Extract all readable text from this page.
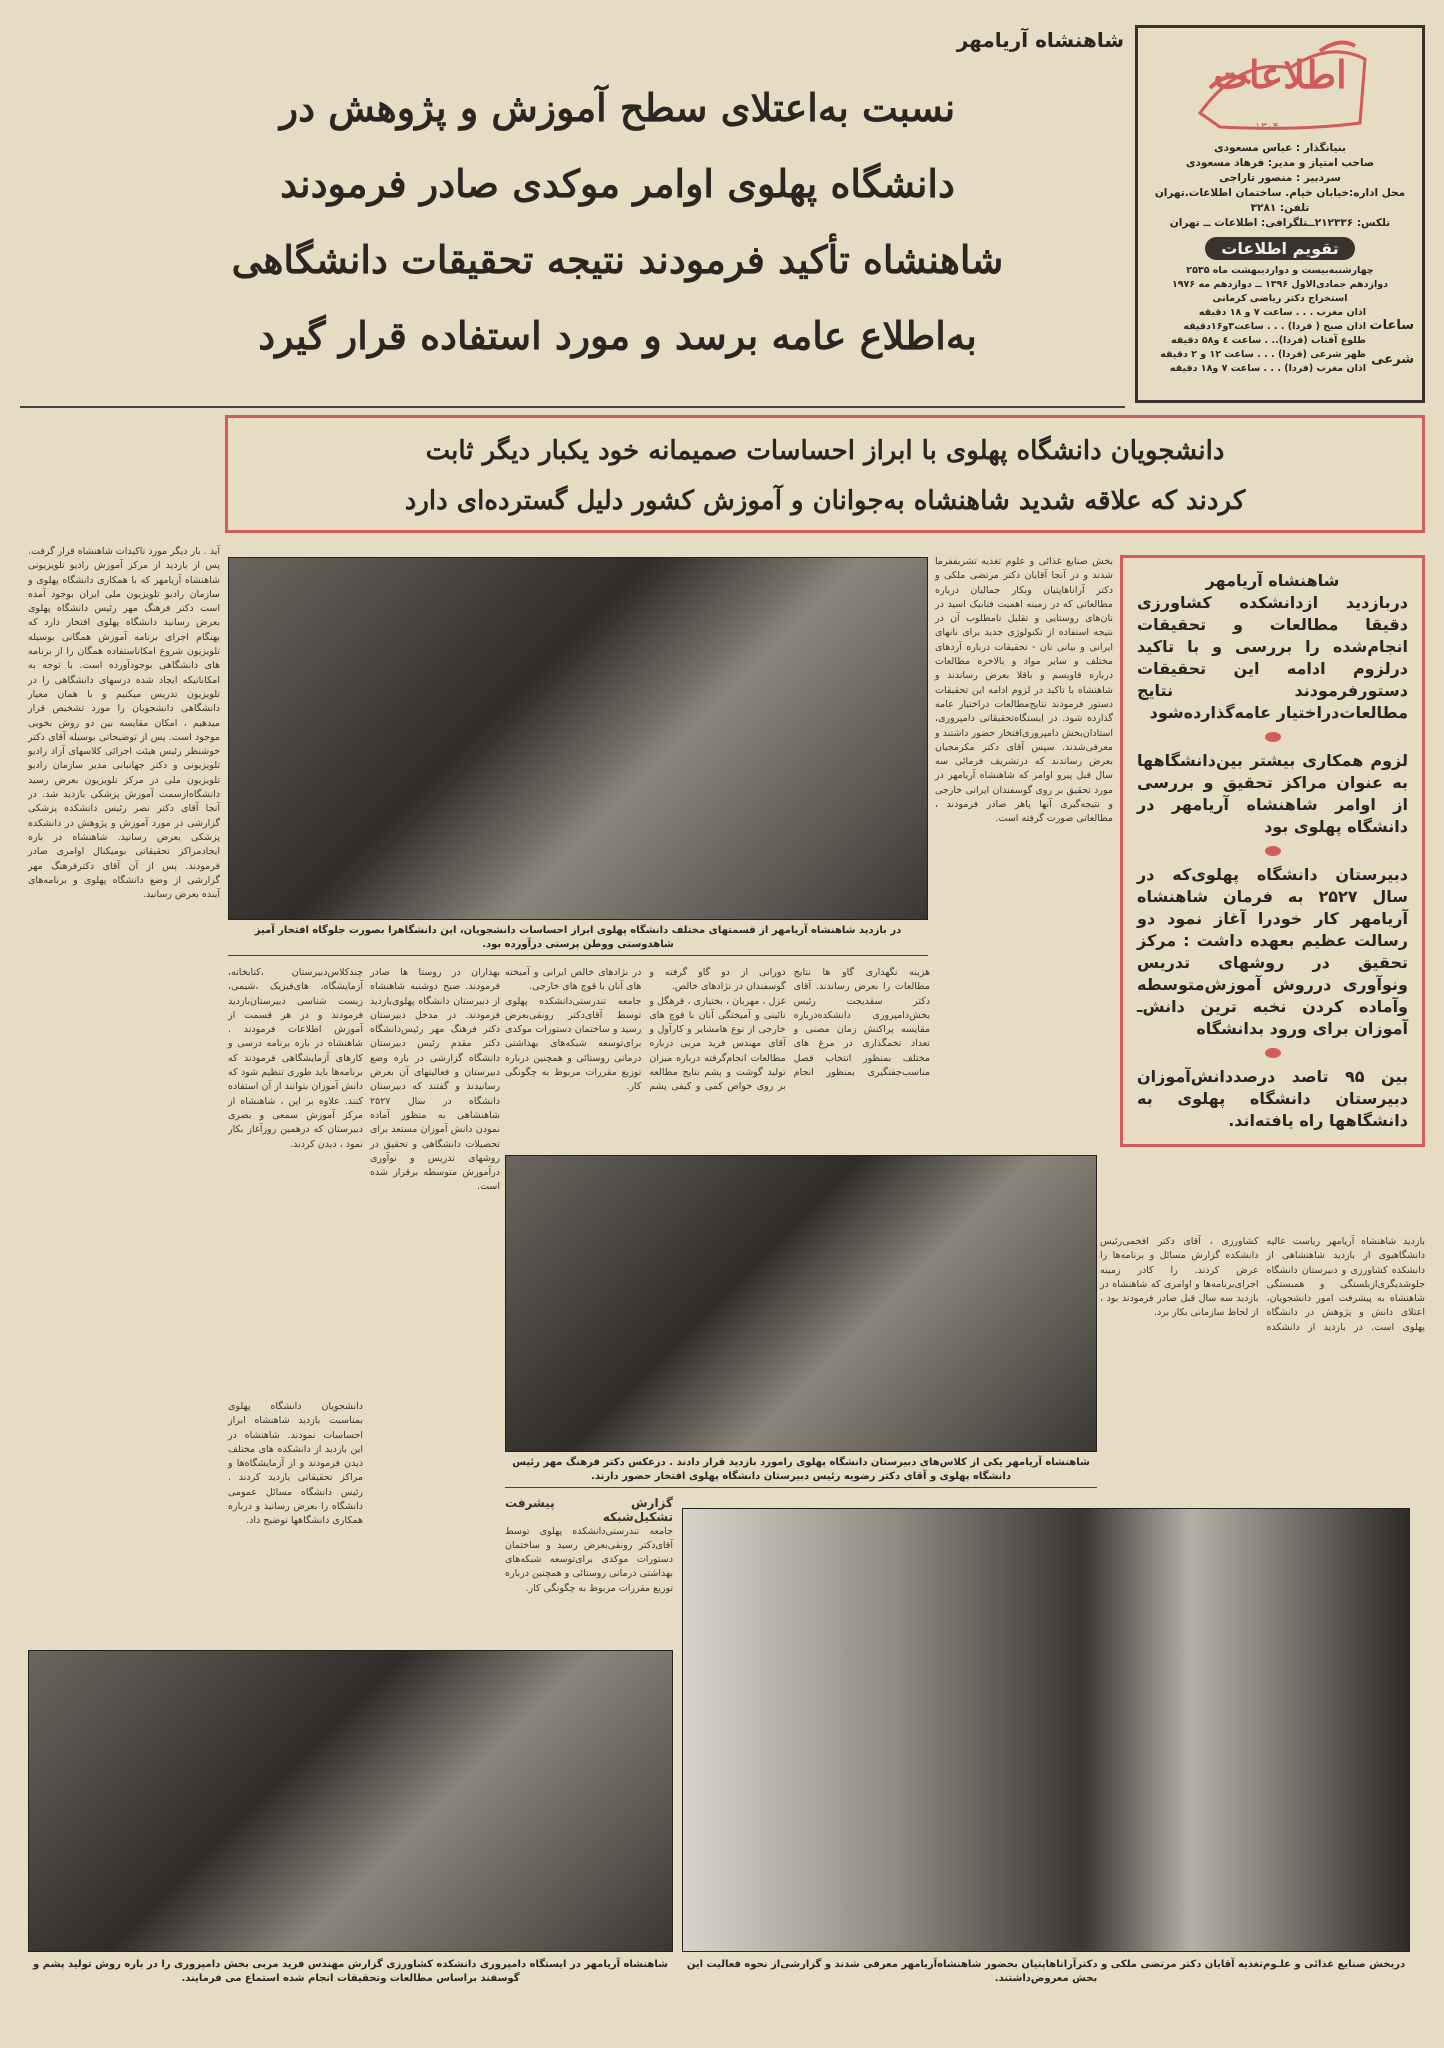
اطلاعات
۱۳۰۴
بنیانگذار : عباس مسعودی
صاحب امتیاز و مدیر: فرهاد مسعودی
سردبیر : منصور تاراجی
محل اداره:خیابان خیام. ساختمان اطلاعات.تهران
تلفن: ۳۲۸۱
تلکس: ۲۱۲۳۳۶ــتلگرافی: اطلاعات ــ تهران
تقویم اطلاعات
چهارشنبه‌بیست و دواردیبهشت ماه ۲۵۳۵
دوازدهم جمادی‌الاول ۱۳۹۶ ــ دوازدهم مه ۱۹۷۶
استخراج دکتر ریاضی کرمانی
ساعات
شرعی
اذان مغرب . . . ساعت ۷ و ۱۸ دقیقه
اذان صبح ( فردا) . . . ساعت۳و۱۶دقیقه
طلوع آفتاب (فردا).. . ساعت ٤ و۵۸ دقیقه
ظهر شرعی (فردا) . . . ساعت ۱۲ و ۲ دقیقه
اذان مغرب (فردا) . . . ساعت ۷ و۱۸ دقیقه
شاهنشاه آریامهر
نسبت به‌اعتلای سطح آموزش و پژوهش در
دانشگاه پهلوی اوامر موکدی صادر فرمودند
شاهنشاه تأکید فرمودند نتیجه تحقیقات دانشگاهی
به‌اطلاع عامه برسد و مورد استفاده قرار گیرد
دانشجویان دانشگاه پهلوی با ابراز احساسات صمیمانه خود یکبار دیگر ثابت
کردند که علاقه شدید شاهنشاه به‌جوانان و آموزش کشور دلیل گسترده‌ای دارد
آید . بار دیگر مورد تاکیدات شاهنشاه قرار گرفت. پس از بازدید از مرکز آموزش رادیو تلویزیونی شاهنشاه آریامهر که با همکاری دانشگاه پهلوی و سازمان رادیو تلویزیون ملی ایران بوجود آمده است دکتر فرهنگ مهر رئیس دانشگاه پهلوی بعرض رسانید دانشگاه پهلوی افتخار دارد که بهنگام اجرای برنامه آموزش همگانی بوسیله تلویزیون شروع امکاناستفاده همگان را از برنامه های دانشگاهی بوجودآورده است. با توجه به امکاناتیکه ایجاد شده درسهای دانشگاهی را در تلویزیون تدریس میکنیم و با همان معیار دانشگاهی دانشجویان را مورد تشخیص قرار میدهیم ، امکان مقایسه بین دو روش بخوبی موجود است. پس از توضیحاتی بوسیله آقای دکتر خوشنظر رئیس هیئت اجرائی کلاسهای آزاد رادیو تلویزیونی و دکتر جهانبانی مدیر سازمان رادیو تلویزیون ملی در مرکز تلویزیون بعرض رسید دانشگاه‌ازسمت آموزش پزشکی بازدید شد. در آنجا آقای دکتر نصر رئیس دانشکده پزشکی گزارشی در مورد آموزش و پژوهش در دانشکده پزشکی بعرض رسانید. شاهنشاه در باره ایجادمراکز تحقیقاتی بومیکنال اوامری صادر فرمودند. پس از آن آقای دکترفرهنگ مهر گزارشی از وضع دانشگاه پهلوی و برنامه‌های آینده بعرض رسانید.
در بازدید شاهنشاه آریامهر از قسمتهای مختلف دانشگاه پهلوی ابراز احساسات دانشجویان، این دانشگاهرا بصورت جلوگاه افتخار آمیز شاهدوستی ووطن پرستی درآورده بود.
بخش صنایع غذائی و علوم تغذیه تشریففرما شدند و در آنجا آقایان دکتر مرتضی ملکی و دکتر آراناهاپتیان وبکار جمالیان درباره مطالعاتی که در زمینه اهمیت فتابیک اسید در نان‌های روستایی و تقلیل نامطلوب آن در نتیجه استفاده از تکنولوژی جدید برای نانهای ایرانی و بیانی نان - تحقیقات درباره آردهای مختلف و سایر مواد و بالاخره مطالعات درباره قاویسم و باقلا بعرض رساندند و شاهنشاه با تاکید در لزوم ادامه این تحقیقات دستور فرمودند نتایج‌مطالعات دراختیار عامه گذارده شود. در ایستگاه‌تحقیقاتی دامپروری، استادان‌بخش دامپروری‌افتخار حضور داشتند و معرفی‌شدند. سپس آقای دکتر مکرمجیان بعرض رساندند که در‌تشریف فرمائی سه سال قبل پیرو اوامر که شاهنشاه آریامهر در مورد تحقیق بر روی گوسفندان ایرانی خارجی و نتیجه‌گیری آنها پاهر صادر فرمودند ، مطالعاتی صورت گرفته است.
شاهنشاه آریامهر
دربازدید ازدانشکده کشاورزی دقیقا مطالعات و تحقیقات انجام‌شده را بررسی و با تاکید درلزوم ادامه این تحقیقات دستورفرمودند نتایج مطالعات‌دراختیار عامه‌گذارده‌شود
لزوم همکاری بیشتر بین‌دانشگاهها به عنوان مراکز تحقیق و بررسی از اوامر شاهنشاه آریامهر در دانشگاه پهلوی بود
دبیرستان دانشگاه پهلوی‌که در سال ۲۵۲۷ به فرمان شاهنشاه آریامهر کار خودرا آغاز نمود دو رسالت عظیم بعهده داشت : مرکز تحقیق در روشهای تدریس ونوآوری درروش آموزش‌متوسطه وآماده کردن نخبه ترین دانش‌ـ آموزان برای ورود بدانشگاه
بین ۹۵ تاصد درصددانش‌آموزان دبیرستان دانشگاه پهلوی به دانشگاهها راه یافته‌اند.
هزینه نگهداری گاو ها نتایج مطالعات را بعرض رساندند. آقای دکتر سقدیجت رئیس بخش‌دامپروری دانشکده‌درباره مقایسه پراکنش زمان مصنی و تعداد تخمگذاری در مرغ های مختلف بمنظور انتخاب فصل مناسب‌جفتگیری بمنظور انجام دورانی از دو گاو گرفته و گوسفندان در نژادهای خالص.
غزل ، مهربان ، بختیاری ، قرهگل و نائینی و آمیختگی آنان با قوچ های خارجی از نوع هامشایر و کارآول و آقای مهندس فرید مربی درباره مطالعات انجام‌گرفته درباره میزان تولید گوشت و پشم نتایج مطالعه بر روی خواص کمی و کیفی پشم در نژادهای خالص ایرانی و آمیخته های آنان با قوچ های خارجی.
جامعه تندرستی‌دانشکده پهلوی توسط آقای‌دکتر رونقی‌بعرض رسید و ساختمان دستورات موکدی برای‌توسعه شبکه‌های بهداشتی درمانی روستائی و همچنین درباره توزیع مقررات مربوط به چگونگی کار.
بهداران در روستا ها صادر فرمودند. صبح دوشنبه شاهنشاه از دبیرستان دانشگاه پهلوی‌بازدید فرمودند. در مدخل دبیرستان دکتر فرهنگ مهر رئیس‌دانشگاه دکتر مقدم رئیس دبیرستان دانشگاه گزارشی در باره وضع دبیرستان و فعالیتهای آن بعرض رسانیدند و گفتند که دبیرستان دانشگاه در سال ۲۵۲۷ شاهنشاهی به منظور آماده نمودن دانش آموزان مستعد برای تحصیلات دانشگاهی و تحقیق در روشهای تدریس و نوآوری درآموزش متوسطه برقرار شده است.
چندکلاس‌دبیرستان ،کتابخانه، آزمایشگاه، های‌فیزیک ،شیمی، زیست شناسی دبیرستان‌بازدید فرمودند و در هر قسمت از آموزش اطلاعات فرمودند . شاهنشاه در باره برنامه درسی و کارهای آزمایشگاهی فرمودند که برنامه‌ها باید طوری تنظیم شود که دانش آموزان بتوانند از آن استفاده کنند. علاوه بر این ، شاهنشاه از مرکز آموزش سمعی و بصری دبیرستان که درهمین روزآغاز بکار نمود ، دیدن کردند.
دانشجویان دانشگاه پهلوی بمناسبت بازدید شاهنشاه ابراز احساسات نمودند. شاهنشاه در این بازدید از دانشکده های مختلف دیدن فرمودند و از آزمایشگاه‌ها و مراکز تحقیقاتی بازدید کردند . رئیس دانشگاه مسائل عمومی دانشگاه را بعرض رسانید و درباره همکاری دانشگاهها توضیح داد.
شاهنشاه آریامهر یکی از کلاس‌های دبیرستان دانشگاه پهلوی رامورد بازدید قرار دادند . درعکس دکتر فرهنگ مهر رئیس دانشگاه پهلوی و آقای دکتر رضویه رئیس دبیرستان دانشگاه پهلوی افتخار حضور دارند.
بازدید شاهنشاه آریامهر ریاست عالیه دانشگاهیوی از بازدید شاهنشاهی از دانشکده کشاورزی و دبیرستان دانشگاه جلوشدیگری‌ازبلستگی و همبستگی شاهنشاه به پیشرفت امور دانشجویان، اعتلای دانش و پژوهش در دانشگاه پهلوی است. در بازدید از دانشکده کشاورزی ، آقای دکتر افخمی‌رئیس دانشکده گزارش مسائل و برنامه‌ها را عرض کردند. را کادر زمینه اجرای‌برنامه‌ها و اوامری که شاهنشاه در بازدید سه سال قبل صادر فرمودند بود ، از لحاظ سازمانی بکار برد.
گزارش پیشرفت تشکیل‌شبکه
جامعه تندرستی‌دانشکده پهلوی توسط آقای‌دکتر رونقی‌بعرض رسید و ساختمان دستورات موکدی برای‌توسعه شبکه‌های بهداشتی درمانی روستائی و همچنین درباره توزیع مقررات مربوط به چگونگی کار.
شاهنشاه آریامهر در ایستگاه دامپروری دانشکده کشاورزی گزارش مهندس فرید مربی بخش دامپروری را در باره روش تولید پشم و گوسفند براساس مطالعات وتحقیقات انجام شده استماع می فرمایند.
دربخش صنایع غذائی و علـوم‌تغذیه آقایان دکتر مرتضی ملکی و دکترآراناهاپتیان بحضور شاهنشاه‌آریامهر معرفی شدند و گزارشی‌از نحوه فعالیت این بخش معروض‌داشتند.
